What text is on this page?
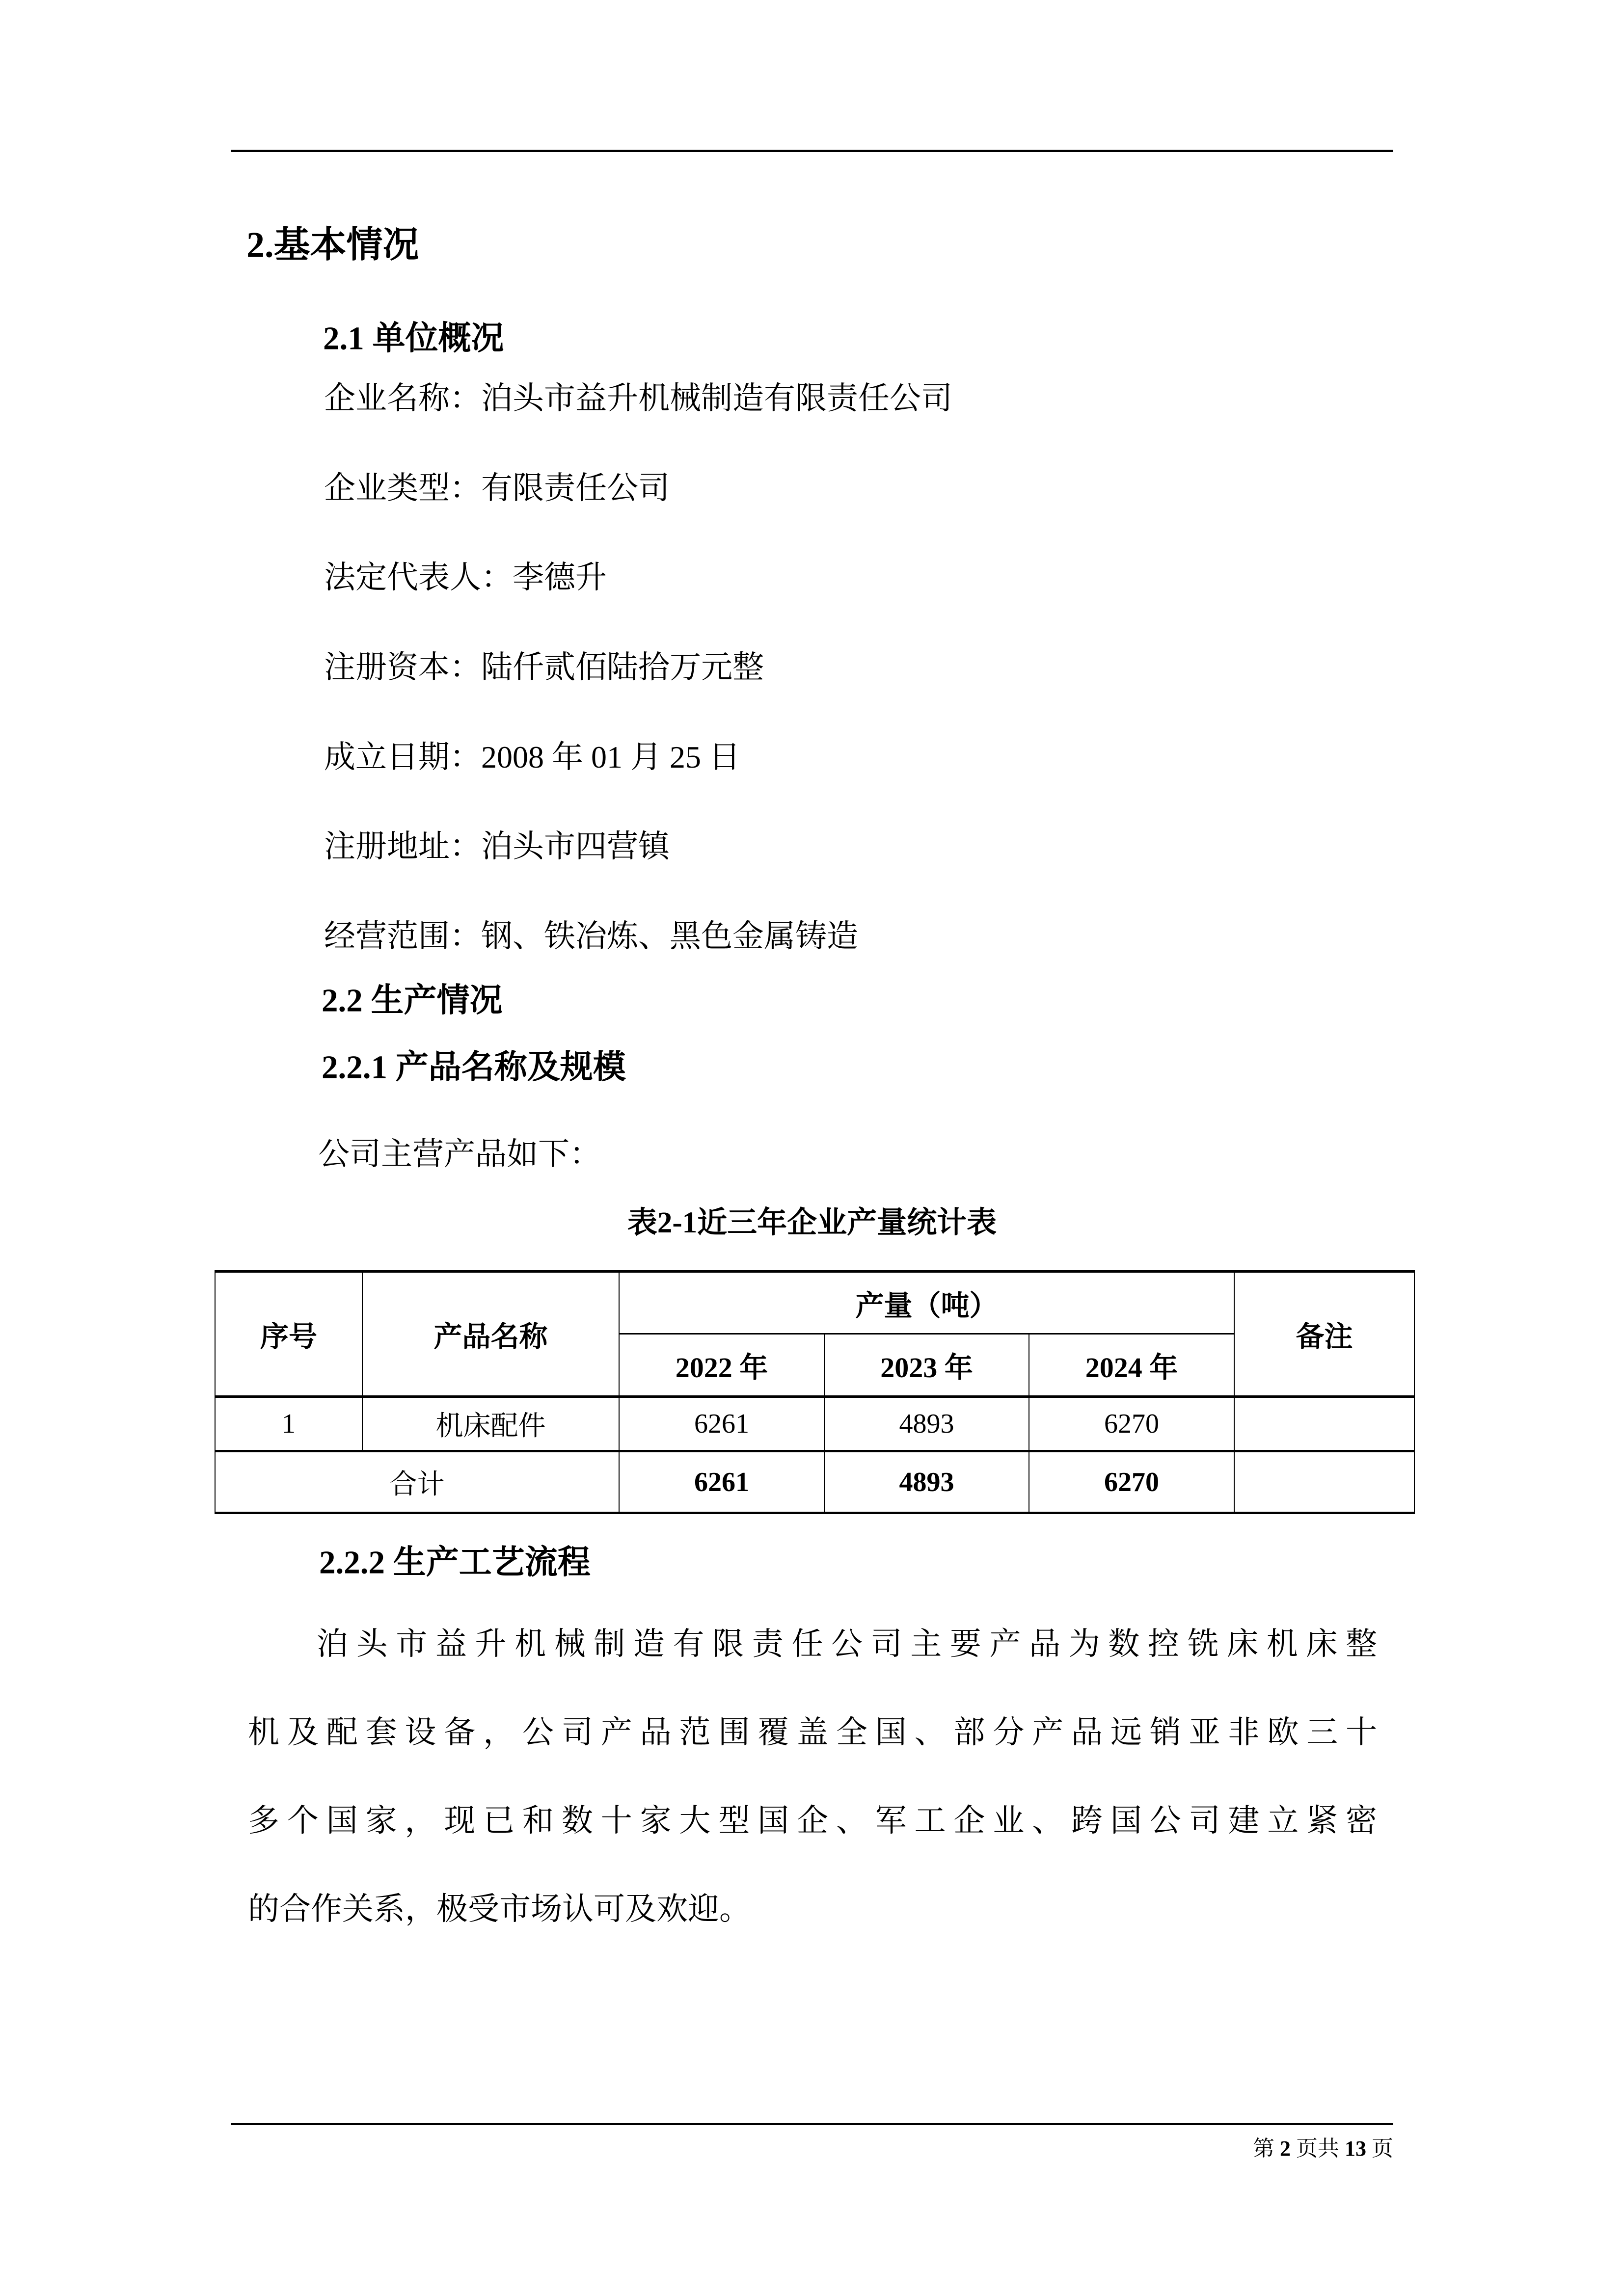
2.基本情况
2.1 单位概况
企业名称：泊头市益升机械制造有限责任公司
企业类型：有限责任公司
法定代表人：李德升
注册资本：陆仟贰佰陆拾万元整
成立日期：2008 年 01 月 25 日
注册地址：泊头市四营镇
经营范围：钢、铁冶炼、黑色金属铸造
2.2 生产情况
2.2.1 产品名称及规模
公司主营产品如下：
表2-1近三年企业产量统计表
序号	产品名称	产量（吨）			备注
		2022 年	2023 年	2024 年	
1	机床配件	6261	4893	6270	
合计		6261	4893	6270	
2.2.2 生产工艺流程
泊头市益升机械制造有限责任公司主要产品为数控铣床机床整
机及配套设备，公司产品范围覆盖全国、部分产品远销亚非欧三十
多个国家，现已和数十家大型国企、军工企业、跨国公司建立紧密
的合作关系，极受市场认可及欢迎。
第 2 页共 13 页
